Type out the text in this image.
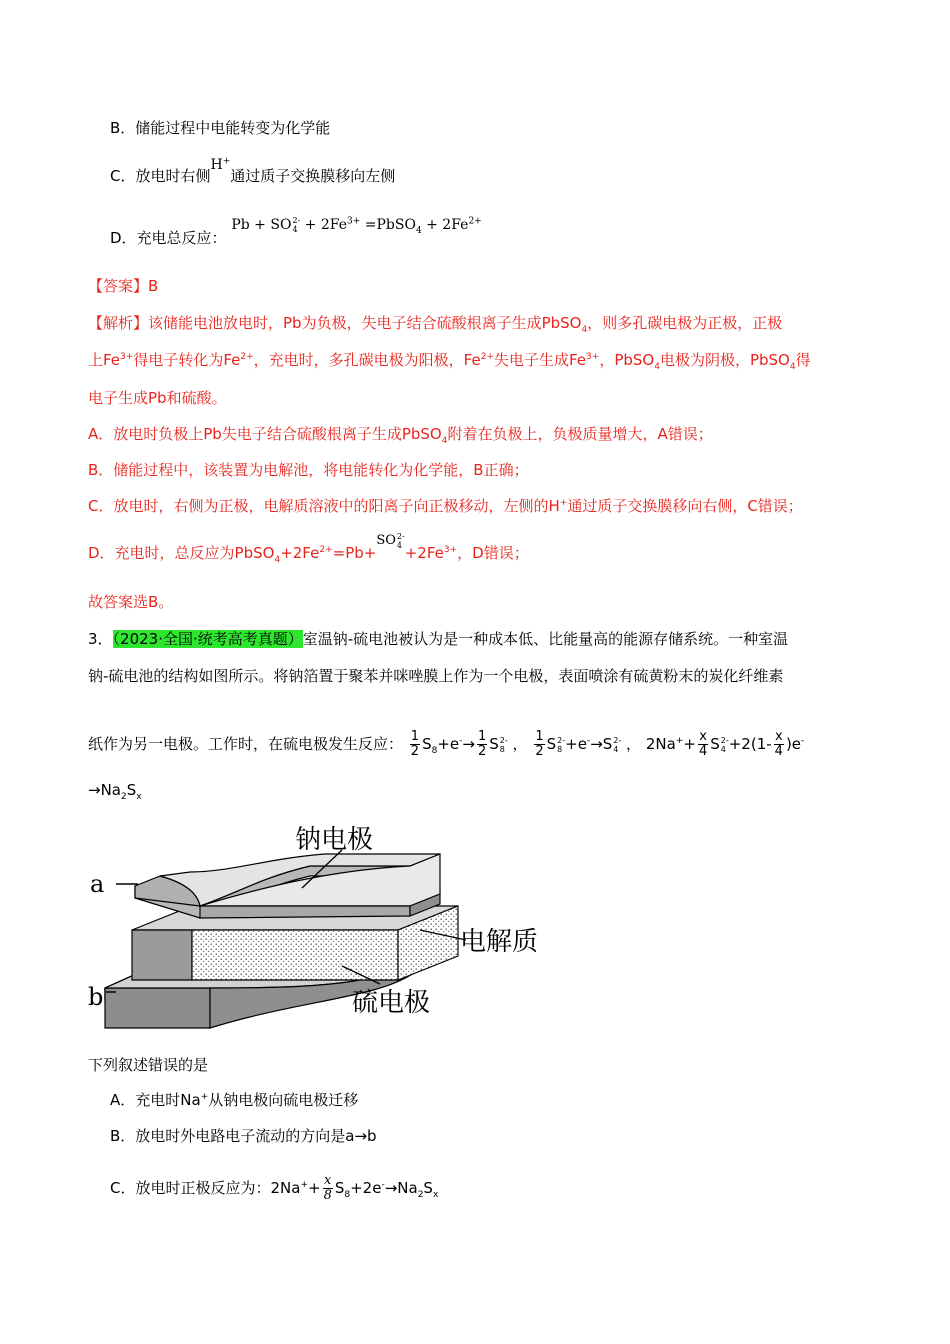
B．储能过程中电能转变为化学能
C．放电时右侧H+通过质子交换膜移向左侧
D．充电总反应： Pb + SO 2-
$4 + 2Fe^{3+}$ =PbSO$_4$ + $2Fe^{2+}$
【答案】B
【解析】该储能电池放电时，Pb为负极，失电子结合硫酸根离子生成PbSO$_4$，则多孔碳电极为正极，正极
上$Fe^{3+}$得电子转化为$Fe^{2+}$，充电时，多孔碳电极为阳极，$Fe^{2+}$失电子生成$Fe^{3+}$，PbSO$_4$电极为阴极，PbSO$_4$得
电子生成Pb和硫酸。
A．放电时负极上Pb失电子结合硫酸根离子生成PbSO$_4$附着在负极上，负极质量增大，A错误；
B．储能过程中，该装置为电解池，将电能转化为化学能，B正确；
C．放电时，右侧为正极，电解质溶液中的阳离子向正极移动，左侧的H+通过质子交换膜移向右侧，C错误；
D．充电时，总反应为$PbSO_4+2Fe^{2+}=Pb+SO$ 2-
$4 +2Fe^{3+}$，D错误；
故答案选B。
3．（2023·全国·统考高考真题）室温钠-硫电池被认为是一种成本低、比能量高的能源存储系统。一种室温
钠-硫电池的结构如图所示。将钠箔置于聚苯并咪唑膜上作为一个电极，表面喷涂有硫黄粉末的炭化纤维素
纸作为另一电极。工作时，在硫电极发生反应： $\frac{1}{2} S_8+e^-\to \frac{1}{2}$ S 2-
8 ， $\frac{1}{2}$ S 2-
8 +e-→S 2-
4 ， $2Na^++ \frac{x}{4}$ S 2-
$4 +2(1- \frac{x}{4} )e^-$
$\to Na_2S_x$
a
b
钠电极
电解质
硫电极
下列叙述错误的是
A．充电时Na+从钠电极向硫电极迁移
B．放电时外电路电子流动的方向是a→b
C．放电时正极反应为：$2Na^++ \frac{x}{8} S_8+2e^-\to Na_2S_x$
